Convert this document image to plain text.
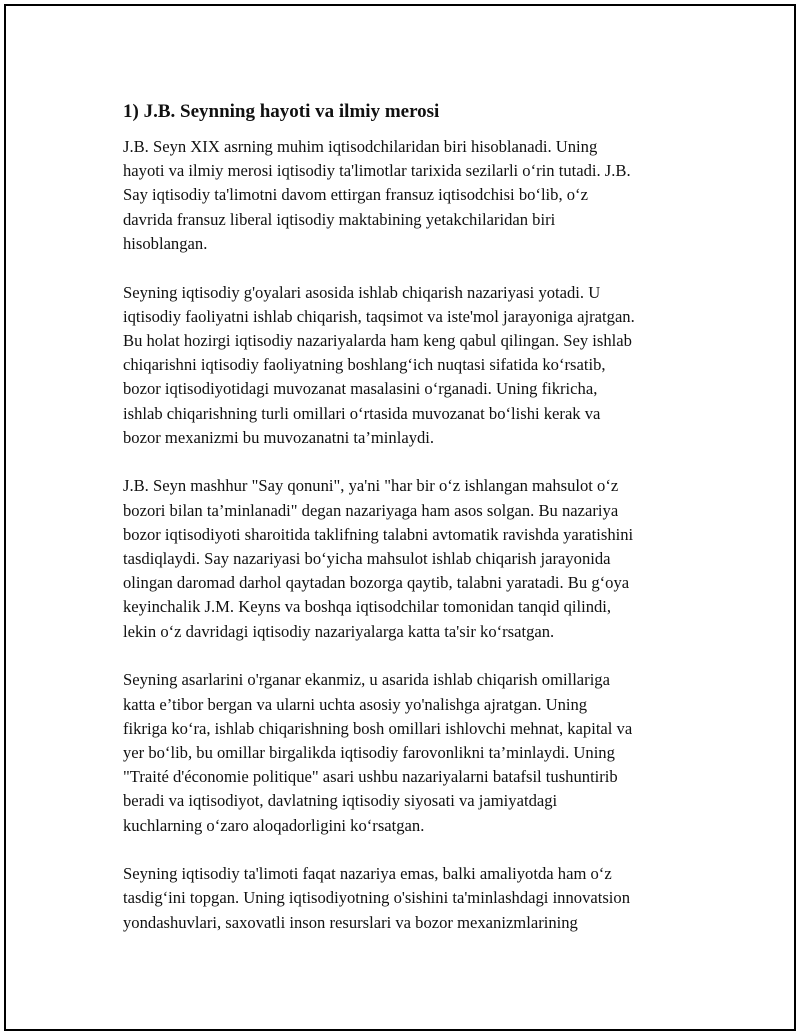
1) J.B. Seynning hayoti va ilmiy merosi

J.B. Seyn XIX asrning muhim iqtisodchilaridan biri hisoblanadi. Uning
hayoti va ilmiy merosi iqtisodiy ta'limotlar tarixida sezilarli o‘rin tutadi. J.B.
Say iqtisodiy ta'limotni davom ettirgan fransuz iqtisodchisi bo‘lib, o‘z
davrida fransuz liberal iqtisodiy maktabining yetakchilaridan biri
hisoblangan.

Seyning iqtisodiy g'oyalari asosida ishlab chiqarish nazariyasi yotadi. U
iqtisodiy faoliyatni ishlab chiqarish, taqsimot va iste'mol jarayoniga ajratgan.
Bu holat hozirgi iqtisodiy nazariyalarda ham keng qabul qilingan. Sey ishlab
chiqarishni iqtisodiy faoliyatning boshlang‘ich nuqtasi sifatida ko‘rsatib,
bozor iqtisodiyotidagi muvozanat masalasini o‘rganadi. Uning fikricha,
ishlab chiqarishning turli omillari o‘rtasida muvozanat bo‘lishi kerak va
bozor mexanizmi bu muvozanatni ta’minlaydi.

J.B. Seyn mashhur "Say qonuni", ya'ni "har bir o‘z ishlangan mahsulot o‘z
bozori bilan ta’minlanadi" degan nazariyaga ham asos solgan. Bu nazariya
bozor iqtisodiyoti sharoitida taklifning talabni avtomatik ravishda yaratishini
tasdiqlaydi. Say nazariyasi bo‘yicha mahsulot ishlab chiqarish jarayonida
olingan daromad darhol qaytadan bozorga qaytib, talabni yaratadi. Bu g‘oya
keyinchalik J.M. Keyns va boshqa iqtisodchilar tomonidan tanqid qilindi,
lekin o‘z davridagi iqtisodiy nazariyalarga katta ta'sir ko‘rsatgan.

Seyning asarlarini o'rganar ekanmiz, u asarida ishlab chiqarish omillariga
katta e’tibor bergan va ularni uchta asosiy yo'nalishga ajratgan. Uning
fikriga ko‘ra, ishlab chiqarishning bosh omillari ishlovchi mehnat, kapital va
yer bo‘lib, bu omillar birgalikda iqtisodiy farovonlikni ta’minlaydi. Uning
"Traité d'économie politique" asari ushbu nazariyalarni batafsil tushuntirib
beradi va iqtisodiyot, davlatning iqtisodiy siyosati va jamiyatdagi
kuchlarning o‘zaro aloqadorligini ko‘rsatgan.

Seyning iqtisodiy ta'limoti faqat nazariya emas, balki amaliyotda ham o‘z
tasdig‘ini topgan. Uning iqtisodiyotning o'sishini ta'minlashdagi innovatsion
yondashuvlari, saxovatli inson resurslari va bozor mexanizmlarining
